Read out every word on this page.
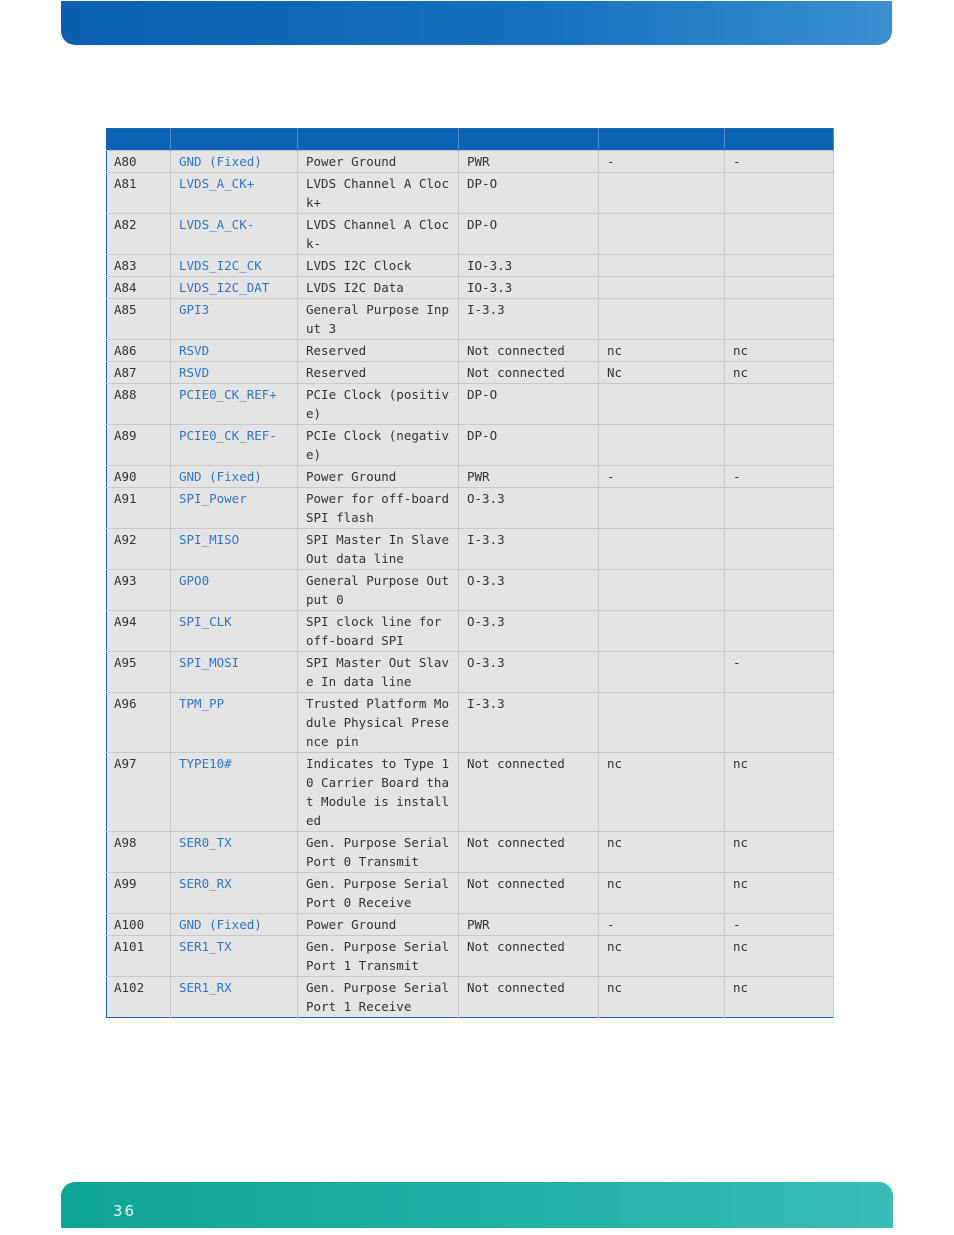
A80	GND (Fixed)	Power Ground	PWR	-	-
A81	LVDS_A_CK+	LVDS Channel A Clock+	DP-O		
A82	LVDS_A_CK-	LVDS Channel A Clock-	DP-O		
A83	LVDS_I2C_CK	LVDS I2C Clock	IO-3.3		
A84	LVDS_I2C_DAT	LVDS I2C Data	IO-3.3		
A85	GPI3	General Purpose Input 3	I-3.3		
A86	RSVD	Reserved	Not connected	nc	nc
A87	RSVD	Reserved	Not connected	Nc	nc
A88	PCIE0_CK_REF+	PCIe Clock (positive)	DP-O		
A89	PCIE0_CK_REF-	PCIe Clock (negative)	DP-O		
A90	GND (Fixed)	Power Ground	PWR	-	-
A91	SPI_Power	Power for off-board SPI flash	O-3.3		
A92	SPI_MISO	SPI Master In Slave Out data line	I-3.3		
A93	GPO0	General Purpose Output 0	O-3.3		
A94	SPI_CLK	SPI clock line for off-board SPI	O-3.3		
A95	SPI_MOSI	SPI Master Out Slave In data line	O-3.3		-
A96	TPM_PP	Trusted Platform Module Physical Presence pin	I-3.3		
A97	TYPE10#	Indicates to Type 10 Carrier Board that Module is installed	Not connected	nc	nc
A98	SER0_TX	Gen. Purpose Serial Port 0 Transmit	Not connected	nc	nc
A99	SER0_RX	Gen. Purpose Serial Port 0 Receive	Not connected	nc	nc
A100	GND (Fixed)	Power Ground	PWR	-	-
A101	SER1_TX	Gen. Purpose Serial Port 1 Transmit	Not connected	nc	nc
A102	SER1_RX	Gen. Purpose Serial Port 1 Receive	Not connected	nc	nc
36
